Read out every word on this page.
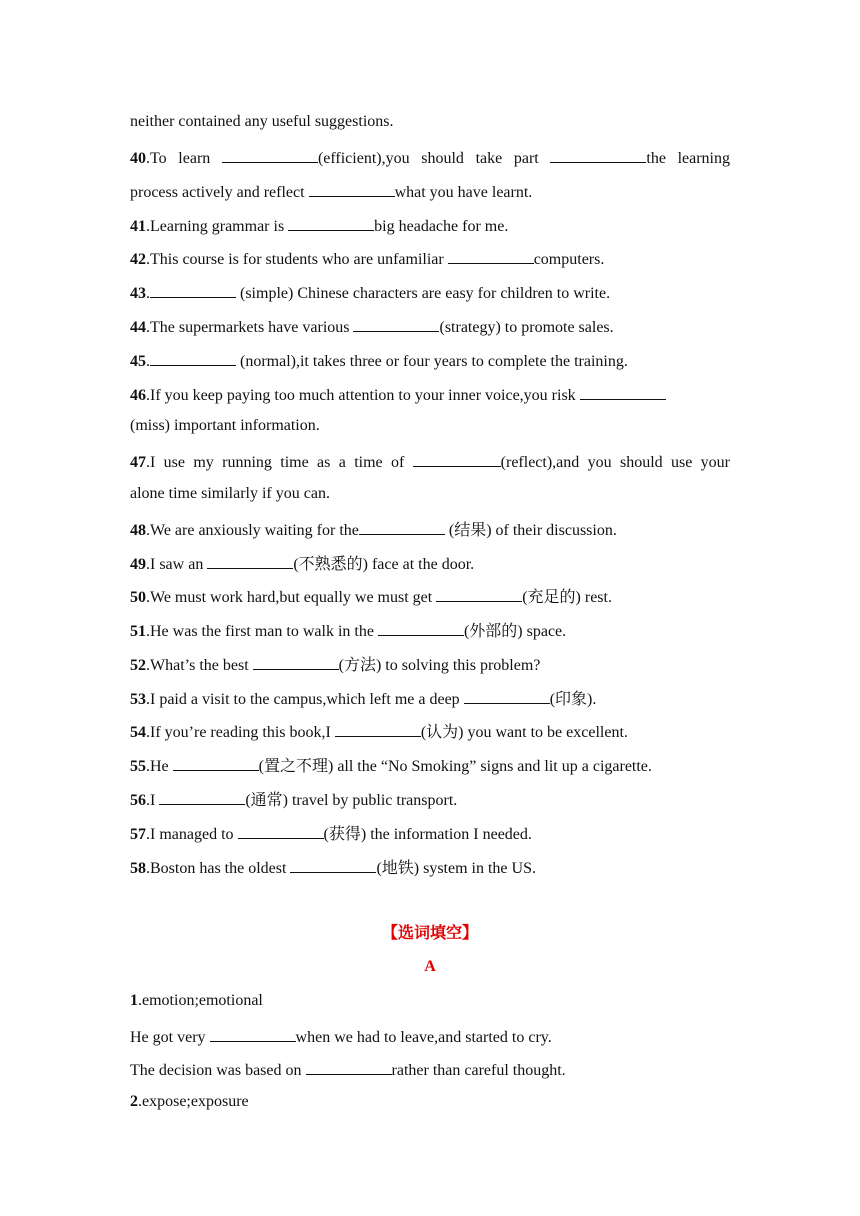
neither contained any useful suggestions.
40.To learn	(efficient),you should take part	the learning
process actively and reflect	what you have learnt.
41.Learning grammar is	big headache for me.
42.This course is for students who are unfamiliar	computers.
43.	(simple) Chinese characters are easy for children to write.
44.The supermarkets have various	(strategy) to promote sales.
45.	(normal),it takes three or four years to complete the training.
46.If you keep paying too much attention to your inner voice,you risk
(miss) important information.
47.I use my running time as a time of	(reflect),and you should use your
alone time similarly if you can.
48.We are anxiously waiting for the	(结果) of their discussion.
49.I saw an	(不熟悉的) face at the door.
50.We must work hard,but equally we must get	(充足的) rest.
51.He was the first man to walk in the	(外部的) space.
52.What’s the best	(方法) to solving this problem?
53.I paid a visit to the campus,which left me a deep	(印象).
54.If you’re reading this book,I	(认为) you want to be excellent.
55.He	(置之不理) all the “No Smoking” signs and lit up a cigarette.
56.I	(通常) travel by public transport.
57.I managed to	(获得) the information I needed.
58.Boston has the oldest	(地铁) system in the US.
【选词填空】
A
1.emotion;emotional
He got very	when we had to leave,and started to cry.
The decision was based on	rather than careful thought.
2.expose;exposure
